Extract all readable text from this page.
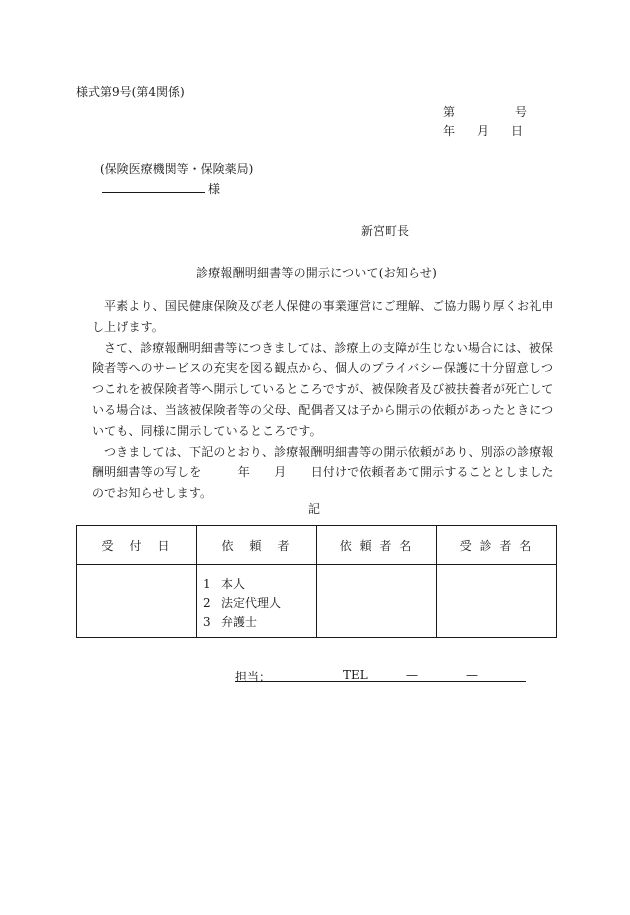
様式第9号(第4関係)
第	号
年 月 日
(保険医療機関等・保険薬局)
様
新宮町長
診療報酬明細書等の開示について(お知らせ)

平素より、国民健康保険及び老人保健の事業運営にご理解、ご協力賜り厚くお礼申し上げます。

さて、診療報酬明細書等につきましては、診療上の支障が生じない場合には、被保険者等へのサービスの充実を図る観点から、個人のプライバシー保護に十分留意しつつこれを被保険者等へ開示しているところですが、被保険者及び被扶養者が死亡している場合は、当該被保険者等の父母、配偶者又は子から開示の依頼があったときについても、同様に開示しているところです。

つきましては、下記のとおり、診療報酬明細書等の開示依頼があり、別添の診療報酬明細書等の写しを　　　年　　月　　日付けで依頼者あて開示することとしましたのでお知らせします。

記
受　付　日	依　頼　者	依 頼 者 名	受 診 者 名

	1 本人
2 法定代理人
3 弁護士		

担当：	TEL	—	—
